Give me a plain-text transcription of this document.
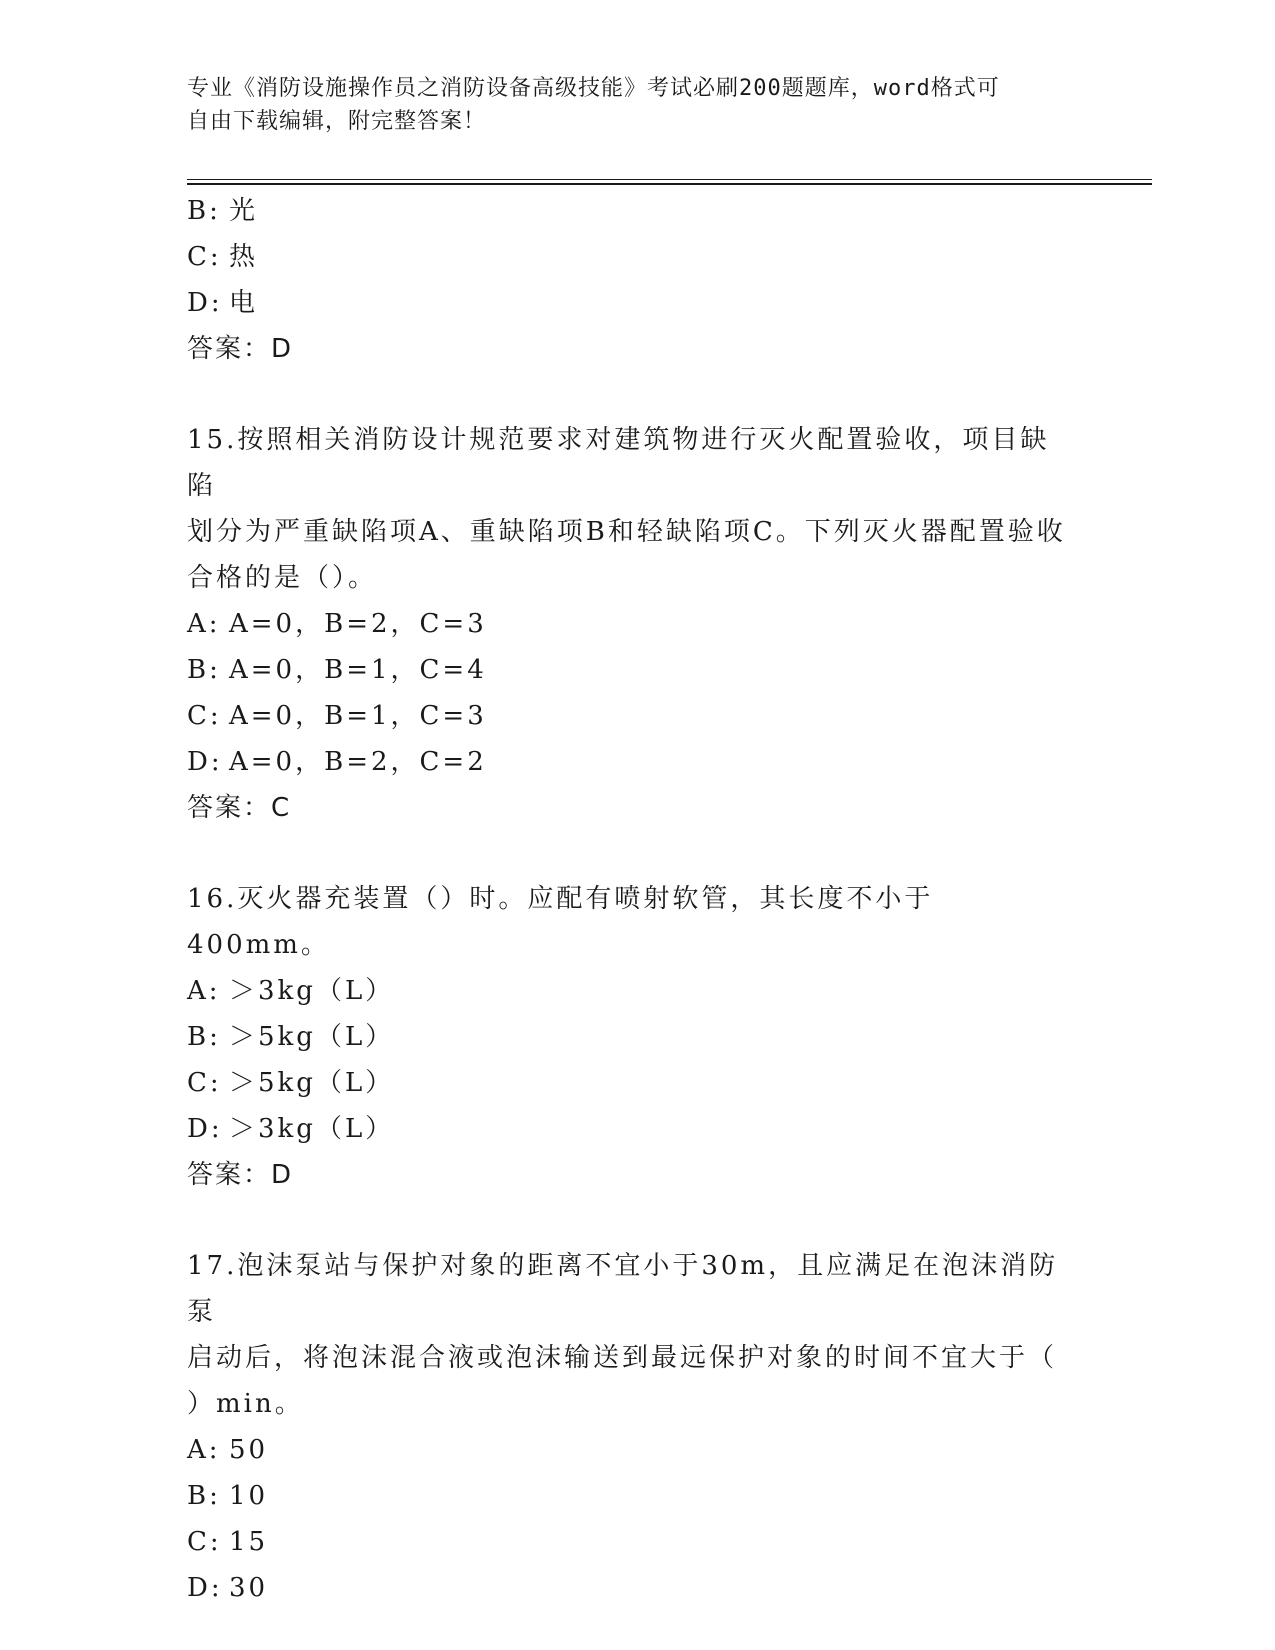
专业《消防设施操作员之消防设备高级技能》考试必刷200题题库，word格式可
自由下载编辑，附完整答案！
B: 光
C: 热
D: 电
答案：D
15.按照相关消防设计规范要求对建筑物进行灭火配置验收，项目缺陷
划分为严重缺陷项A、重缺陷项B和轻缺陷项C。下列灭火器配置验收
合格的是（）。
A: A=0，B=2，C=3
B: A=0，B=1，C=4
C: A=0，B=1，C=3
D: A=0，B=2，C=2
答案：C
16.灭火器充装置（）时。应配有喷射软管，其长度不小于400mm。
A: ＞3kg（L）
B: ＞5kg（L）
C: ＞5kg（L）
D: ＞3kg（L）
答案：D
17.泡沫泵站与保护对象的距离不宜小于30m，且应满足在泡沫消防泵
启动后，将泡沫混合液或泡沫输送到最远保护对象的时间不宜大于（
）min。
A: 50
B: 10
C: 15
D: 30
